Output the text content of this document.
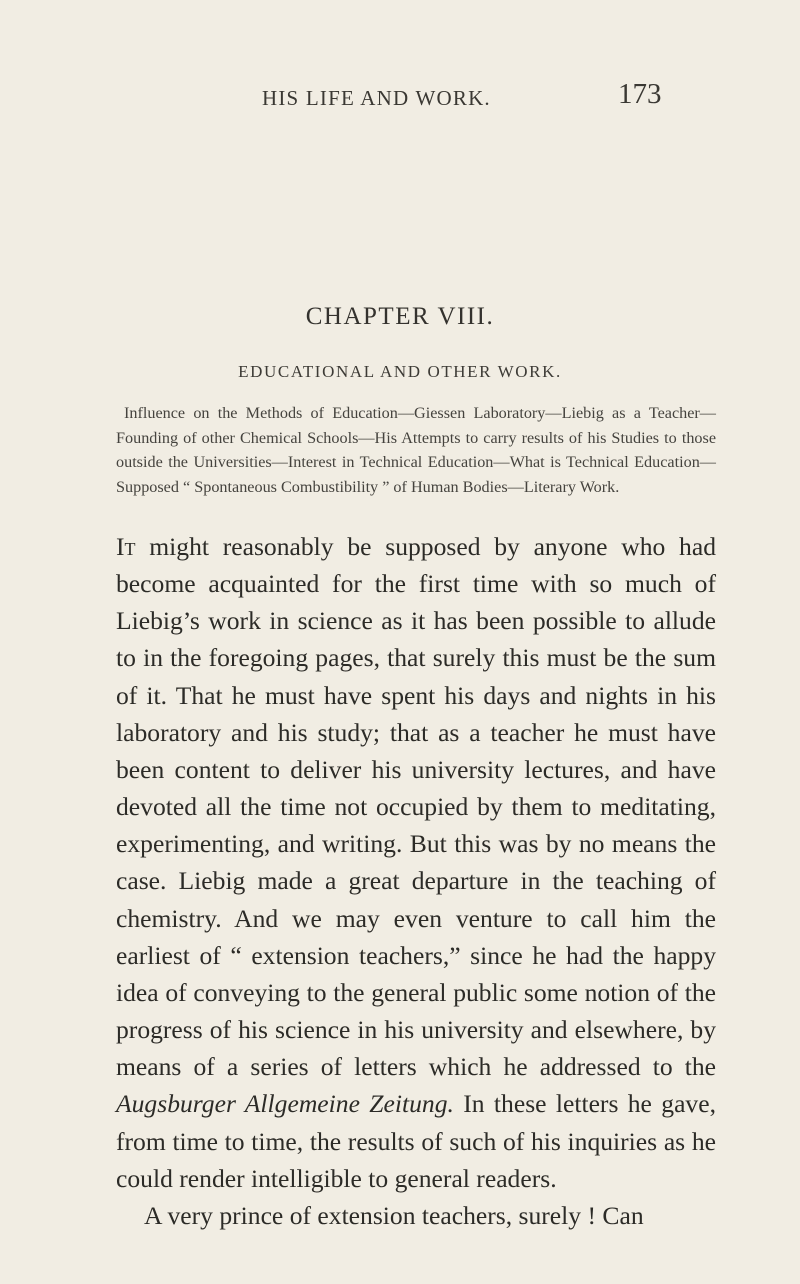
HIS LIFE AND WORK.	173
CHAPTER VIII.
EDUCATIONAL AND OTHER WORK.
Influence on the Methods of Education—Giessen Laboratory—Liebig as a Teacher—Founding of other Chemical Schools—His Attempts to carry results of his Studies to those outside the Universities—Interest in Technical Education—What is Technical Education—Supposed “ Spontaneous Combustibility ” of Human Bodies—Literary Work.

It might reasonably be supposed by anyone who had become acquainted for the first time with so much of Liebig’s work in science as it has been possible to allude to in the foregoing pages, that surely this must be the sum of it. That he must have spent his days and nights in his laboratory and his study; that as a teacher he must have been content to deliver his university lectures, and have devoted all the time not occupied by them to meditating, experimenting, and writing. But this was by no means the case. Liebig made a great departure in the teaching of chemistry. And we may even venture to call him the earliest of “ extension teachers,” since he had the happy idea of conveying to the general public some notion of the progress of his science in his university and elsewhere, by means of a series of letters which he addressed to the Augsburger Allgemeine Zeitung. In these letters he gave, from time to time, the results of such of his inquiries as he could render intelligible to general readers.

A very prince of extension teachers, surely ! Can
